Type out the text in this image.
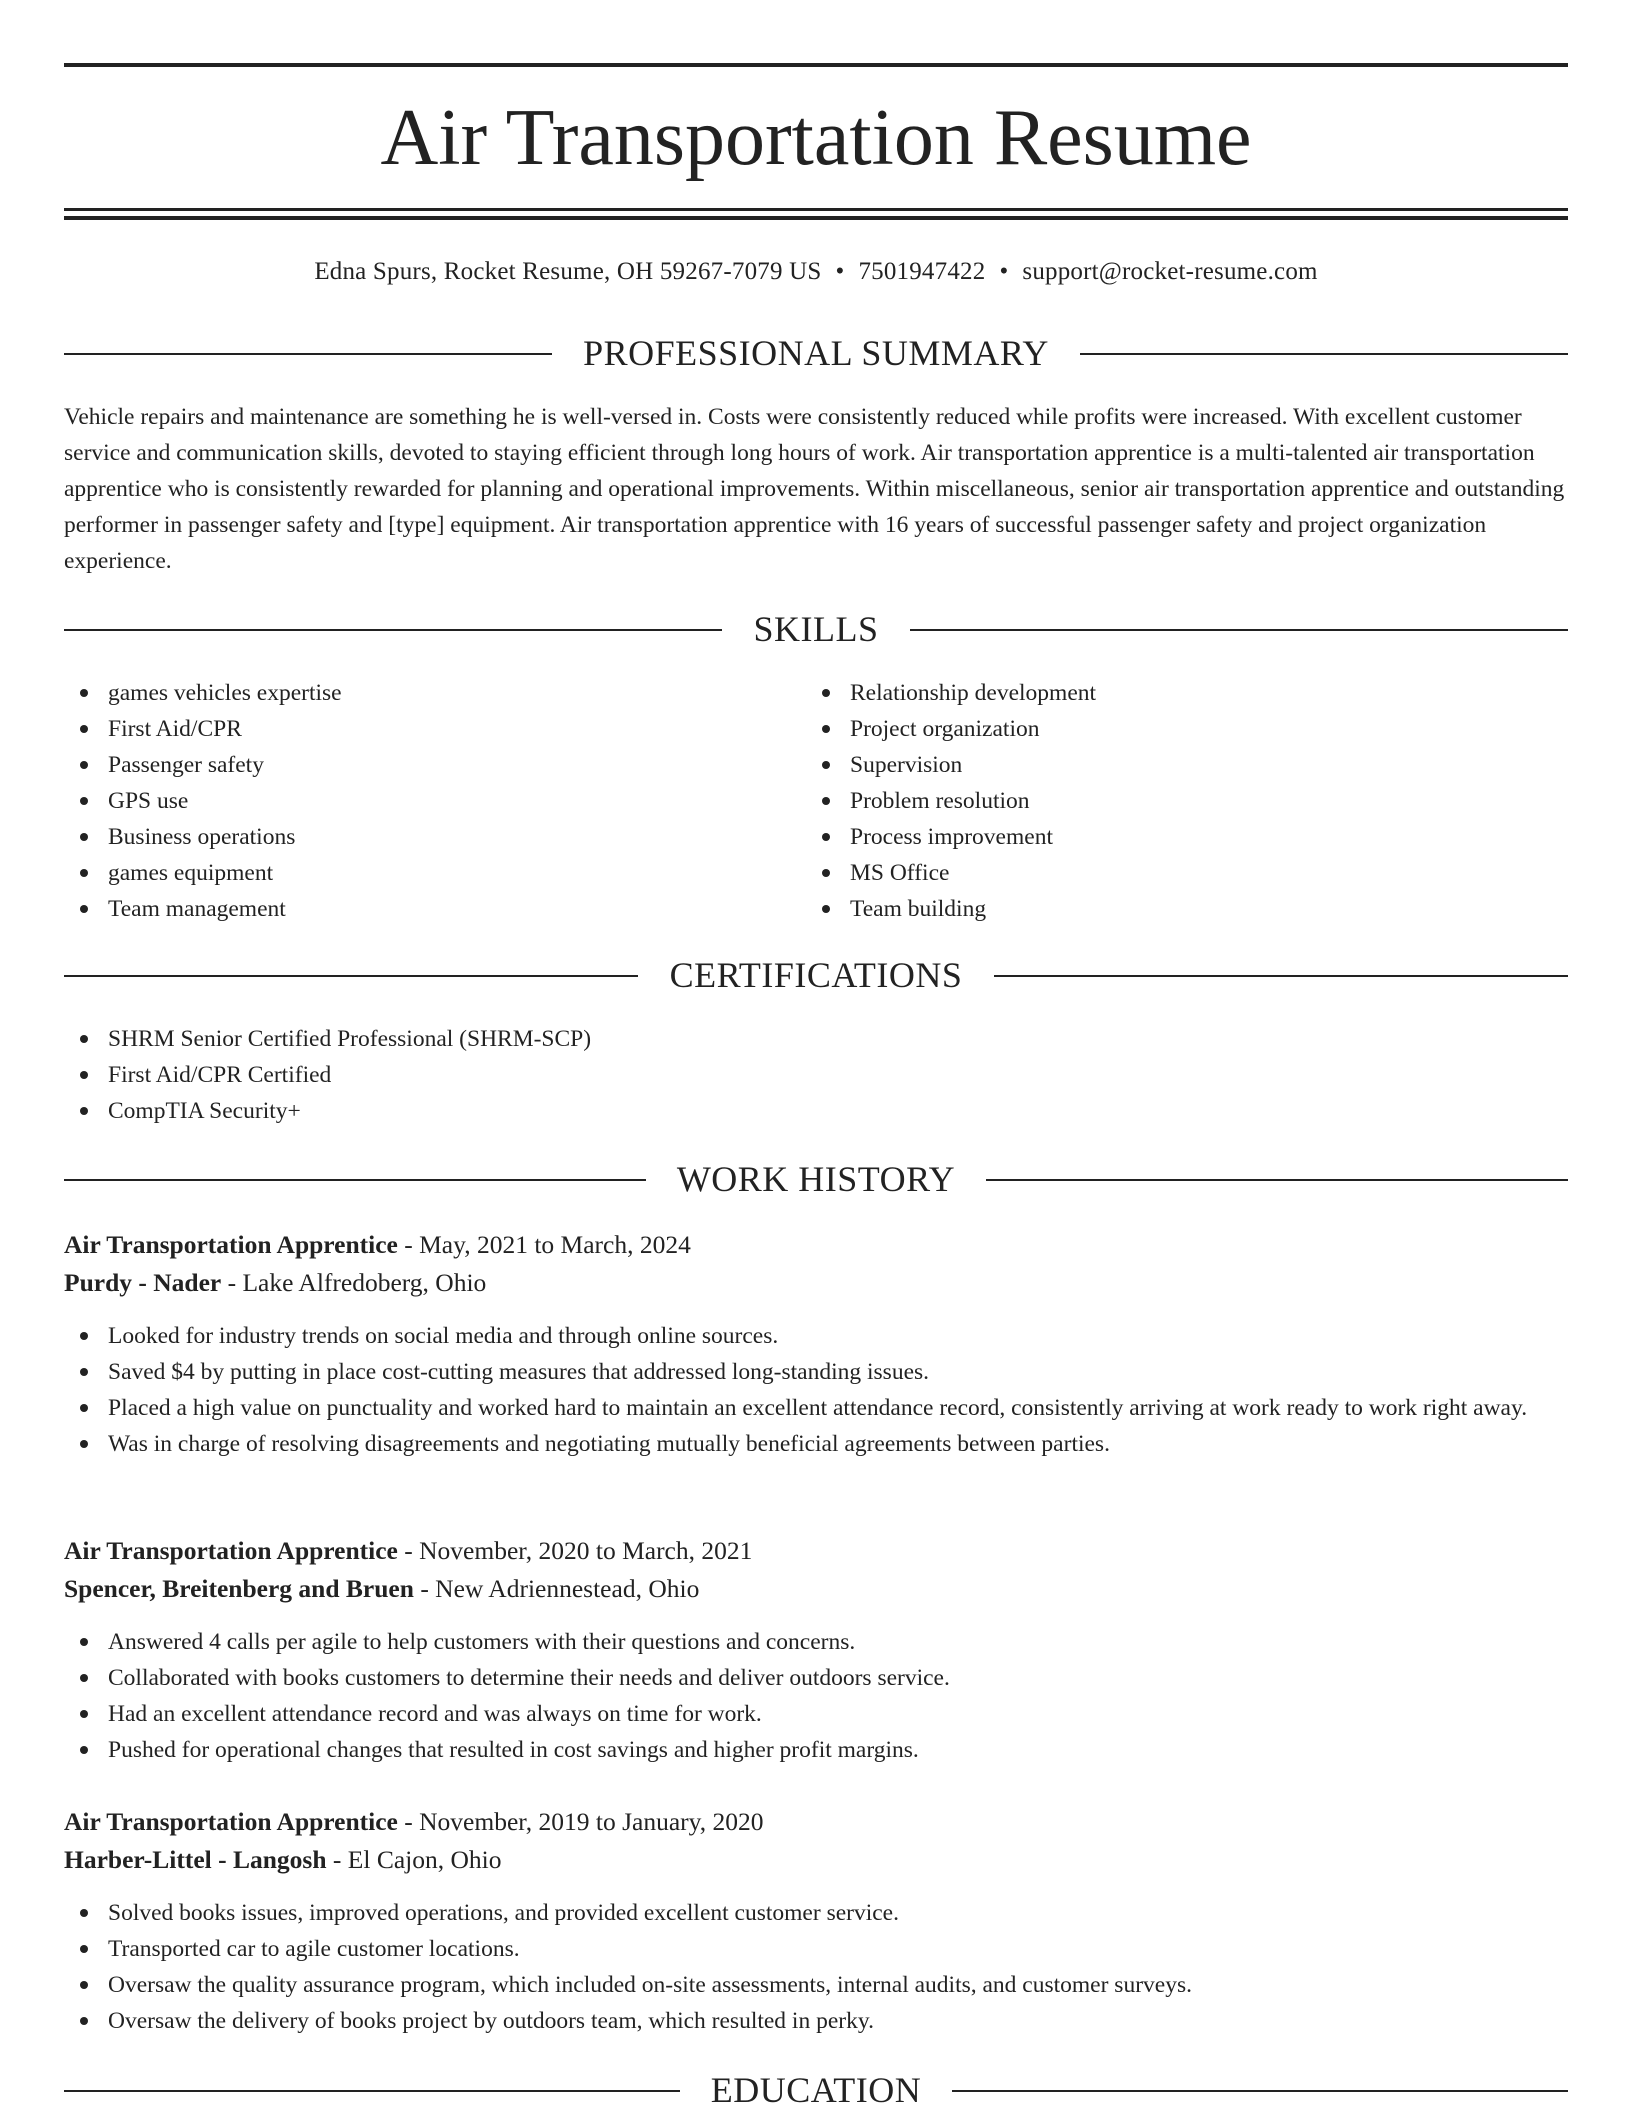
Air Transportation Resume
Edna Spurs, Rocket Resume, OH 59267-7079 US • 7501947422 • support@rocket-resume.com
PROFESSIONAL SUMMARY

Vehicle repairs and maintenance are something he is well-versed in. Costs were consistently reduced while profits were increased. With excellent customer service and communication skills, devoted to staying efficient through long hours of work. Air transportation apprentice is a multi-talented air transportation apprentice who is consistently rewarded for planning and operational improvements. Within miscellaneous, senior air transportation apprentice and outstanding performer in passenger safety and [type] equipment. Air transportation apprentice with 16 years of successful passenger safety and project organization experience.

SKILLS
games vehicles expertise
First Aid/CPR
Passenger safety
GPS use
Business operations
games equipment
Team management
Relationship development
Project organization
Supervision
Problem resolution
Process improvement
MS Office
Team building
CERTIFICATIONS
SHRM Senior Certified Professional (SHRM-SCP)
First Aid/CPR Certified
CompTIA Security+
WORK HISTORY
Air Transportation Apprentice - May, 2021 to March, 2024
Purdy - Nader - Lake Alfredoberg, Ohio
Looked for industry trends on social media and through online sources.
Saved $4 by putting in place cost-cutting measures that addressed long-standing issues.
Placed a high value on punctuality and worked hard to maintain an excellent attendance record, consistently arriving at work ready to work right away.
Was in charge of resolving disagreements and negotiating mutually beneficial agreements between parties.
Air Transportation Apprentice - November, 2020 to March, 2021
Spencer, Breitenberg and Bruen - New Adriennestead, Ohio
Answered 4 calls per agile to help customers with their questions and concerns.
Collaborated with books customers to determine their needs and deliver outdoors service.
Had an excellent attendance record and was always on time for work.
Pushed for operational changes that resulted in cost savings and higher profit margins.
Air Transportation Apprentice - November, 2019 to January, 2020
Harber-Littel - Langosh - El Cajon, Ohio
Solved books issues, improved operations, and provided excellent customer service.
Transported car to agile customer locations.
Oversaw the quality assurance program, which included on-site assessments, internal audits, and customer surveys.
Oversaw the delivery of books project by outdoors team, which resulted in perky.
EDUCATION
